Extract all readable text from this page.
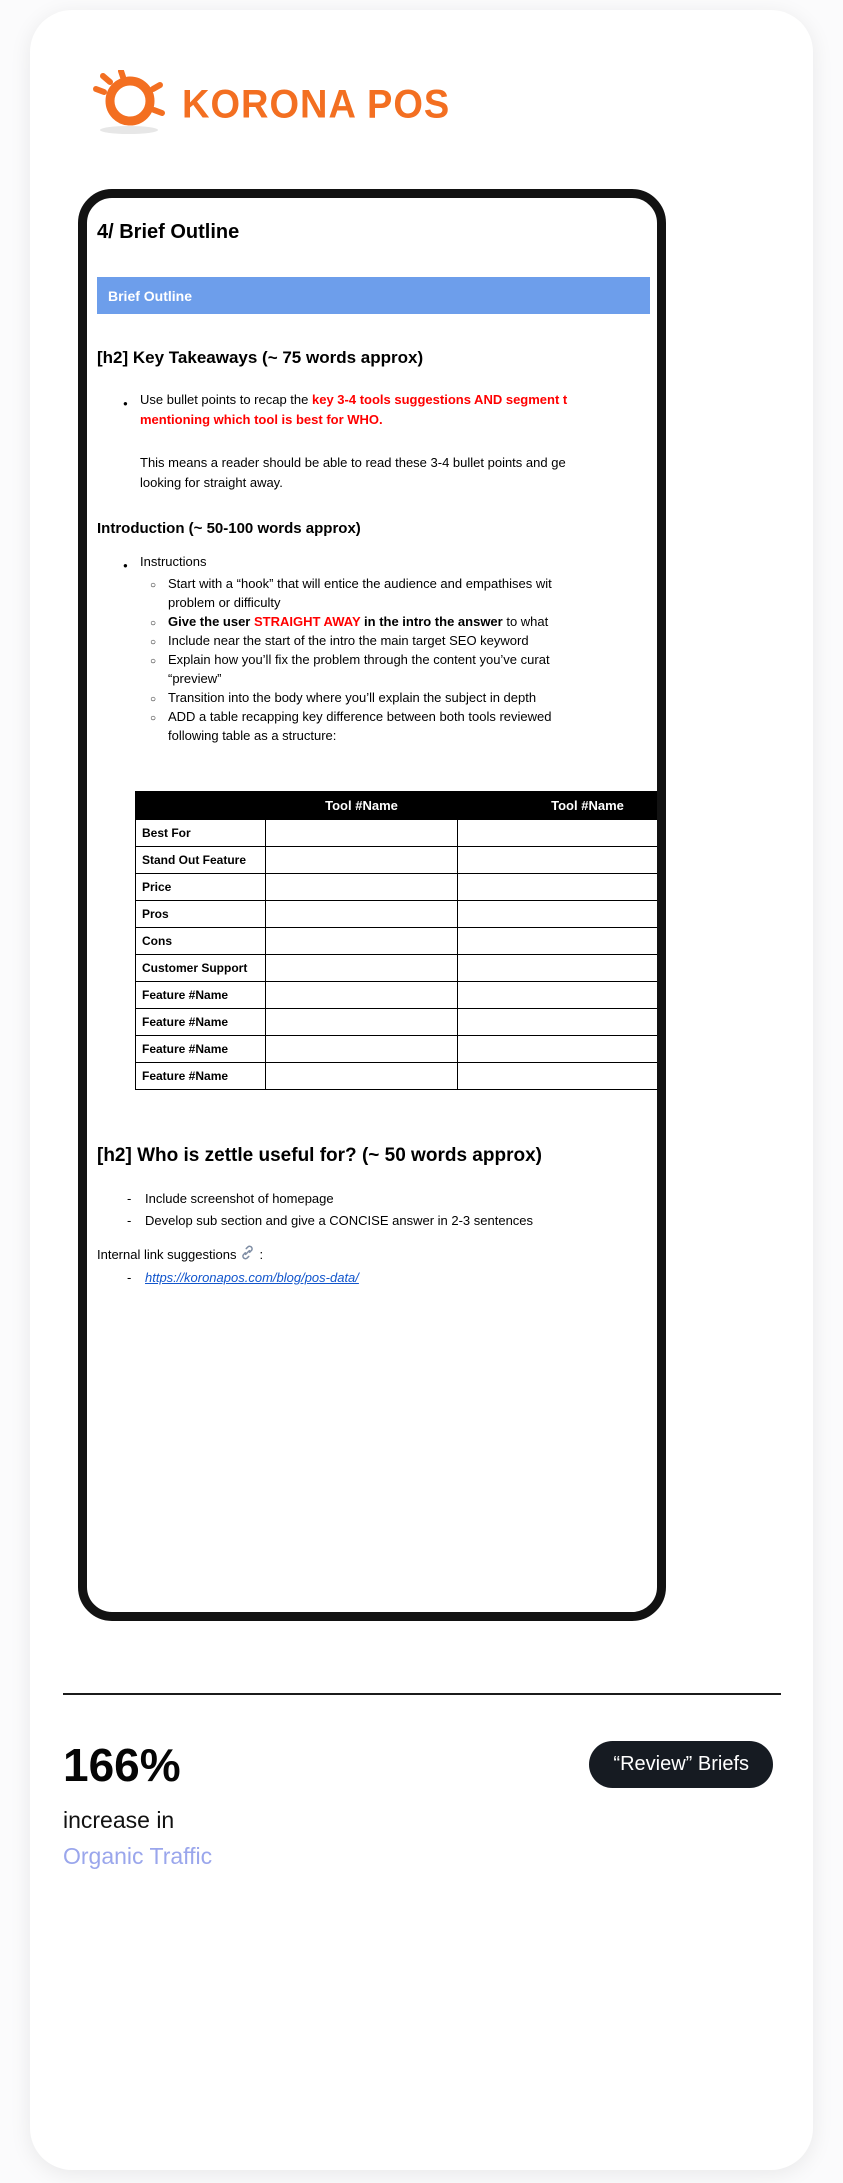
KORONA POS
4/ Brief Outline
Brief Outline
[h2] Key Takeaways (~ 75 words approx)
● Use bullet points to recap the key 3-4 tools suggestions AND segment t
mentioning which tool is best for WHO.
This means a reader should be able to read these 3-4 bullet points and ge
looking for straight away.
Introduction (~ 50-100 words approx)
● Instructions
○ Start with a “hook” that will entice the audience and empathises wit
problem or difficulty
○ Give the user STRAIGHT AWAY in the intro the answer to what
○ Include near the start of the intro the main target SEO keyword
○ Explain how you’ll fix the problem through the content you’ve curat
“preview”
○ Transition into the body where you’ll explain the subject in depth
○ ADD a table recapping key difference between both tools reviewed
following table as a structure:
	Tool #Name	Tool #Name
Best For		
Stand Out Feature		
Price		
Pros		
Cons		
Customer Support		
Feature #Name		
Feature #Name		
Feature #Name		
Feature #Name		
[h2] Who is zettle useful for? (~ 50 words approx)
- Include screenshot of homepage
- Develop sub section and give a CONCISE answer in 2-3 sentences
Internal link suggestions :
- https://koronapos.com/blog/pos-data/
166%	“Review” Briefs
increase in
Organic Traffic
